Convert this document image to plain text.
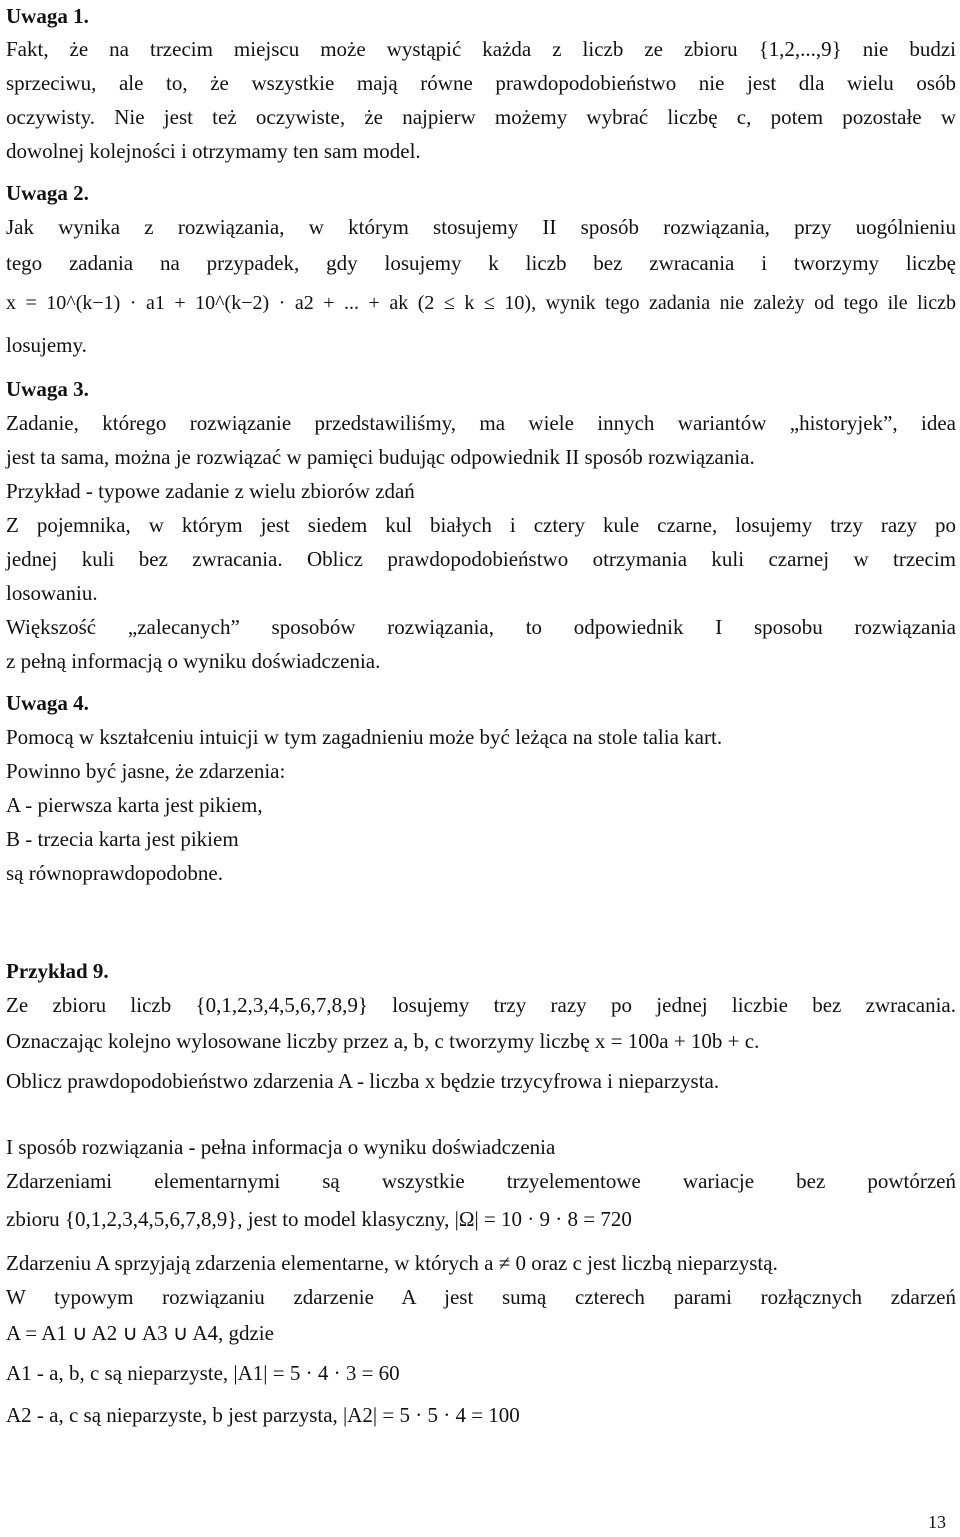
Uwaga 1.
Fakt, że na trzecim miejscu może wystąpić każda z liczb ze zbioru {1,2,...,9} nie budzi
sprzeciwu, ale to, że wszystkie mają równe prawdopodobieństwo nie jest dla wielu osób
oczywisty. Nie jest też oczywiste, że najpierw możemy wybrać liczbę c, potem pozostałe w
dowolnej kolejności i otrzymamy ten sam model.
Uwaga 2.
Jak wynika z rozwiązania, w którym stosujemy II sposób rozwiązania, przy uogólnieniu
tego zadania na przypadek, gdy losujemy k liczb bez zwracania i tworzymy liczbę
x = 10^(k−1) · a1 + 10^(k−2) · a2 + ... + ak (2 ≤ k ≤ 10), wynik tego zadania nie zależy od tego ile liczb
losujemy.
Uwaga 3.
Zadanie, którego rozwiązanie przedstawiliśmy, ma wiele innych wariantów „historyjek”, idea
jest ta sama, można je rozwiązać w pamięci budując odpowiednik II sposób rozwiązania.
Przykład - typowe zadanie z wielu zbiorów zdań
Z pojemnika, w którym jest siedem kul białych i cztery kule czarne, losujemy trzy razy po
jednej kuli bez zwracania. Oblicz prawdopodobieństwo otrzymania kuli czarnej w trzecim
losowaniu.
Większość „zalecanych” sposobów rozwiązania, to odpowiednik I sposobu rozwiązania
z pełną informacją o wyniku doświadczenia.
Uwaga 4.
Pomocą w kształceniu intuicji w tym zagadnieniu może być leżąca na stole talia kart.
Powinno być jasne, że zdarzenia:
A - pierwsza karta jest pikiem,
B - trzecia karta jest pikiem
są równoprawdopodobne.
Przykład 9.
Ze zbioru liczb {0,1,2,3,4,5,6,7,8,9} losujemy trzy razy po jednej liczbie bez zwracania.
Oznaczając kolejno wylosowane liczby przez a, b, c tworzymy liczbę x = 100a + 10b + c.
Oblicz prawdopodobieństwo zdarzenia A - liczba x będzie trzycyfrowa i nieparzysta.
I sposób rozwiązania - pełna informacja o wyniku doświadczenia
Zdarzeniami elementarnymi są wszystkie trzyelementowe wariacje bez powtórzeń
zbioru {0,1,2,3,4,5,6,7,8,9}, jest to model klasyczny, |Ω| = 10 · 9 · 8 = 720
Zdarzeniu A sprzyjają zdarzenia elementarne, w których a ≠ 0 oraz c jest liczbą nieparzystą.
W typowym rozwiązaniu zdarzenie A jest sumą czterech parami rozłącznych zdarzeń
A = A1 ∪ A2 ∪ A3 ∪ A4, gdzie
A1 - a, b, c są nieparzyste, |A1| = 5 · 4 · 3 = 60
A2 - a, c są nieparzyste, b jest parzysta, |A2| = 5 · 5 · 4 = 100
13
